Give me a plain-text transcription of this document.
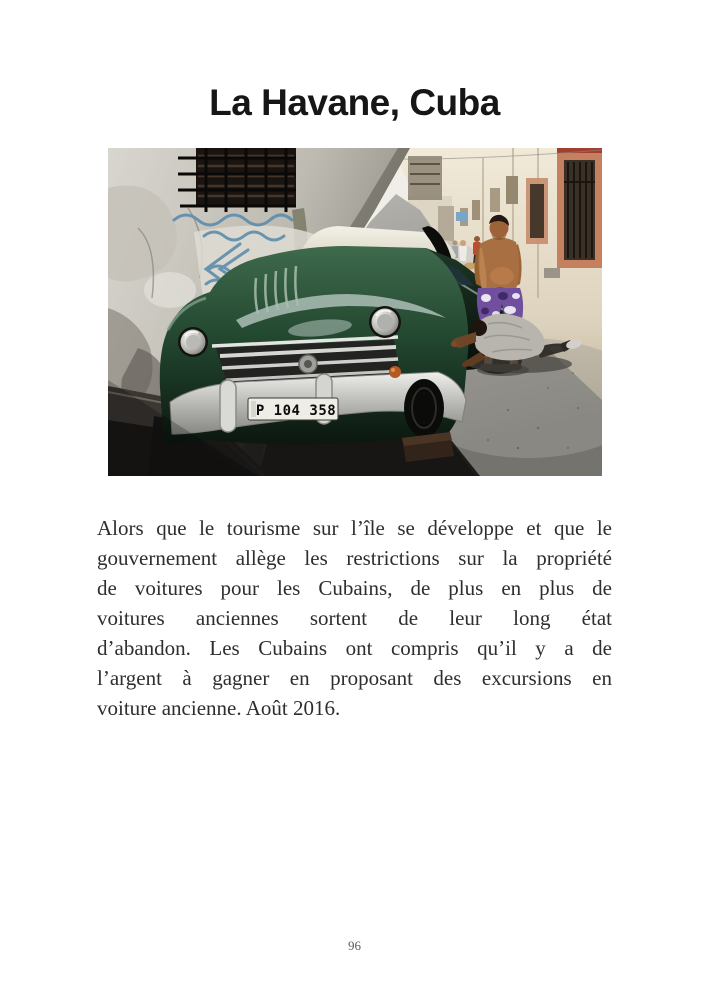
La Havane, Cuba
P 104 358
Alors que le tourisme sur l’île se développe et que le
gouvernement allège les restrictions sur la propriété
de voitures pour les Cubains, de plus en plus de
voitures anciennes sortent de leur long état
d’abandon. Les Cubains ont compris qu’il y a de
l’argent à gagner en proposant des excursions en
voiture ancienne. Août 2016.
96
